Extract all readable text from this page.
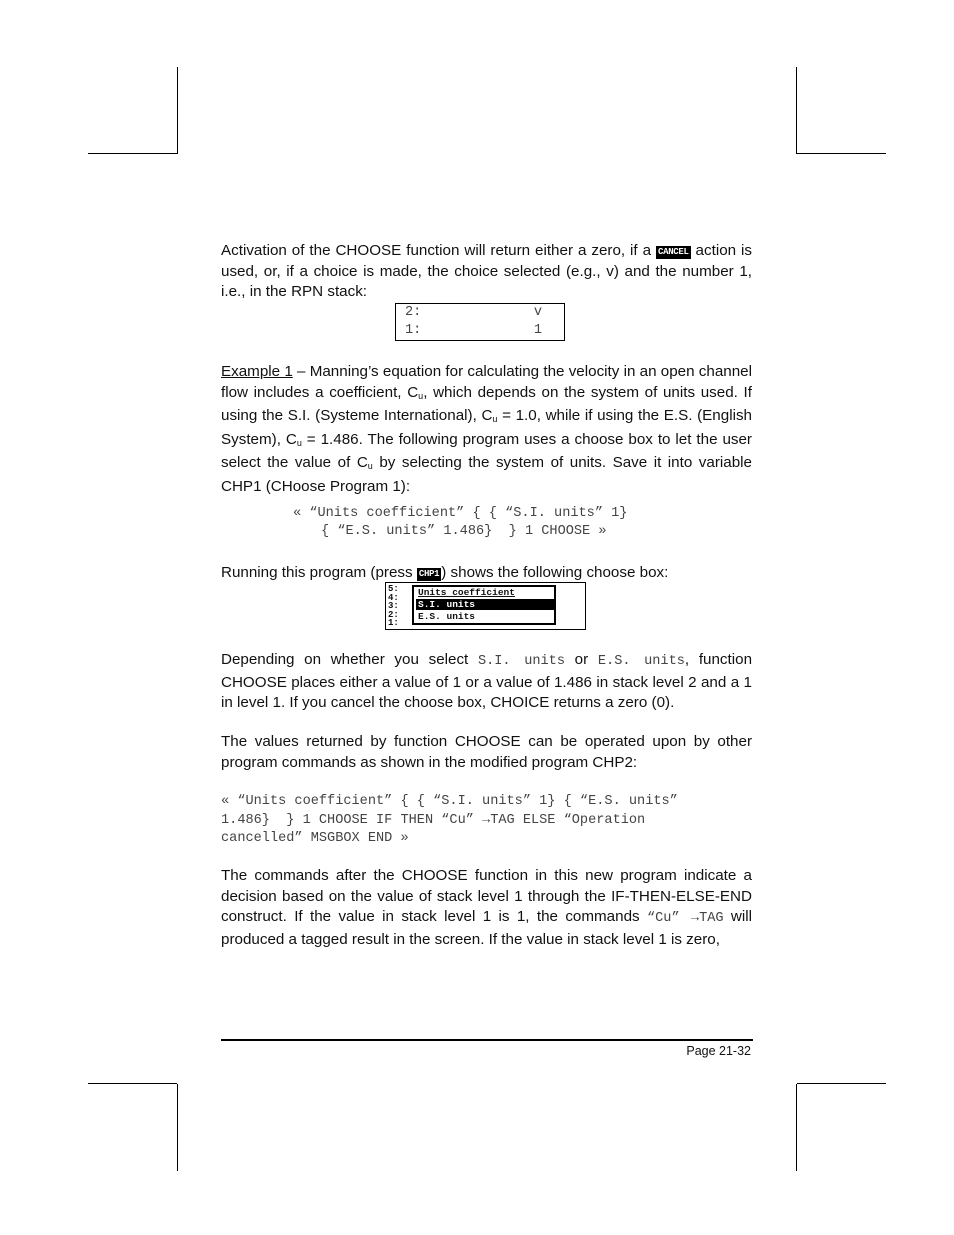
Activation of the CHOOSE function will return either a zero, if a CANCEL action is used, or, if a choice is made, the choice selected (e.g., v) and the number 1, i.e., in the RPN stack:
2:	v
1:	1
Example 1 – Manning’s equation for calculating the velocity in an open channel flow includes a coefficient, $C_u$, which depends on the system of units used. If using the S.I. (Systeme International), $C_u = 1.0$, while if using the E.S. (English System), $C_u = 1.486$. The following program uses a choose box to let the user select the value of $C_u$ by selecting the system of units. Save it into variable CHP1 (CHoose Program 1):
« “Units coefficient” { { “S.I. units” 1}
{ “E.S. units” 1.486}  } 1 CHOOSE »
Running this program (press CHP1 ) shows the following choose box:
5:
4:
3:
2:
1:
Units coefficient
S.I. units
E.S. units
Depending on whether you select S.I. units or E.S. units, function CHOOSE places either a value of 1 or a value of 1.486 in stack level 2 and a 1 in level 1. If you cancel the choose box, CHOICE returns a zero (0).
The values returned by function CHOOSE can be operated upon by other program commands as shown in the modified program CHP2:
« “Units coefficient” { { “S.I. units” 1} { “E.S. units”
1.486}  } 1 CHOOSE IF THEN “Cu” →TAG ELSE “Operation
cancelled” MSGBOX END »
The commands after the CHOOSE function in this new program indicate a decision based on the value of stack level 1 through the IF-THEN-ELSE-END construct. If the value in stack level 1 is 1, the commands “Cu” →TAG will produced a tagged result in the screen. If the value in stack level 1 is zero,
Page 21-32
